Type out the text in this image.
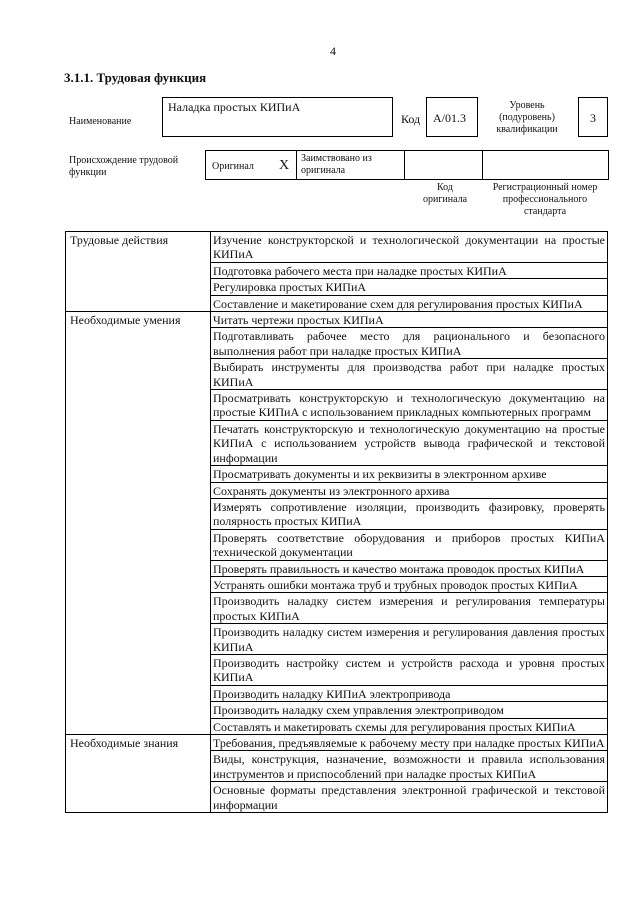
4
3.1.1. Трудовая функция
Наименование
Наладка простых КИПиА
Код A/01.3
Уровень (подуровень) квалификации
3
Происхождение трудовой функции
Оригинал X Заимствовано из оригинала
Код оригинала
Регистрационный номер профессионального стандарта
Трудовые действия	Изучение конструкторской и технологической документации на простые КИПиА
	Подготовка рабочего места при наладке простых КИПиА
	Регулировка простых КИПиА
	Составление и макетирование схем для регулирования простых КИПиА
Необходимые умения	Читать чертежи простых КИПиА
	Подготавливать рабочее место для рационального и безопасного выполнения работ при наладке простых КИПиА
	Выбирать инструменты для производства работ при наладке простых КИПиА
	Просматривать конструкторскую и технологическую документацию на простые КИПиА с использованием прикладных компьютерных программ
	Печатать конструкторскую и технологическую документацию на простые КИПиА с использованием устройств вывода графической и текстовой информации
	Просматривать документы и их реквизиты в электронном архиве
	Сохранять документы из электронного архива
	Измерять сопротивление изоляции, производить фазировку, проверять полярность простых КИПиА
	Проверять соответствие оборудования и приборов простых КИПиА технической документации
	Проверять правильность и качество монтажа проводок простых КИПиА
	Устранять ошибки монтажа труб и трубных проводок простых КИПиА
	Производить наладку систем измерения и регулирования температуры простых КИПиА
	Производить наладку систем измерения и регулирования давления простых КИПиА
	Производить настройку систем и устройств расхода и уровня простых КИПиА
	Производить наладку КИПиА электропривода
	Производить наладку схем управления электроприводом
	Составлять и макетировать схемы для регулирования простых КИПиА
Необходимые знания	Требования, предъявляемые к рабочему месту при наладке простых КИПиА
	Виды, конструкция, назначение, возможности и правила использования инструментов и приспособлений при наладке простых КИПиА
	Основные форматы представления электронной графической и текстовой информации
